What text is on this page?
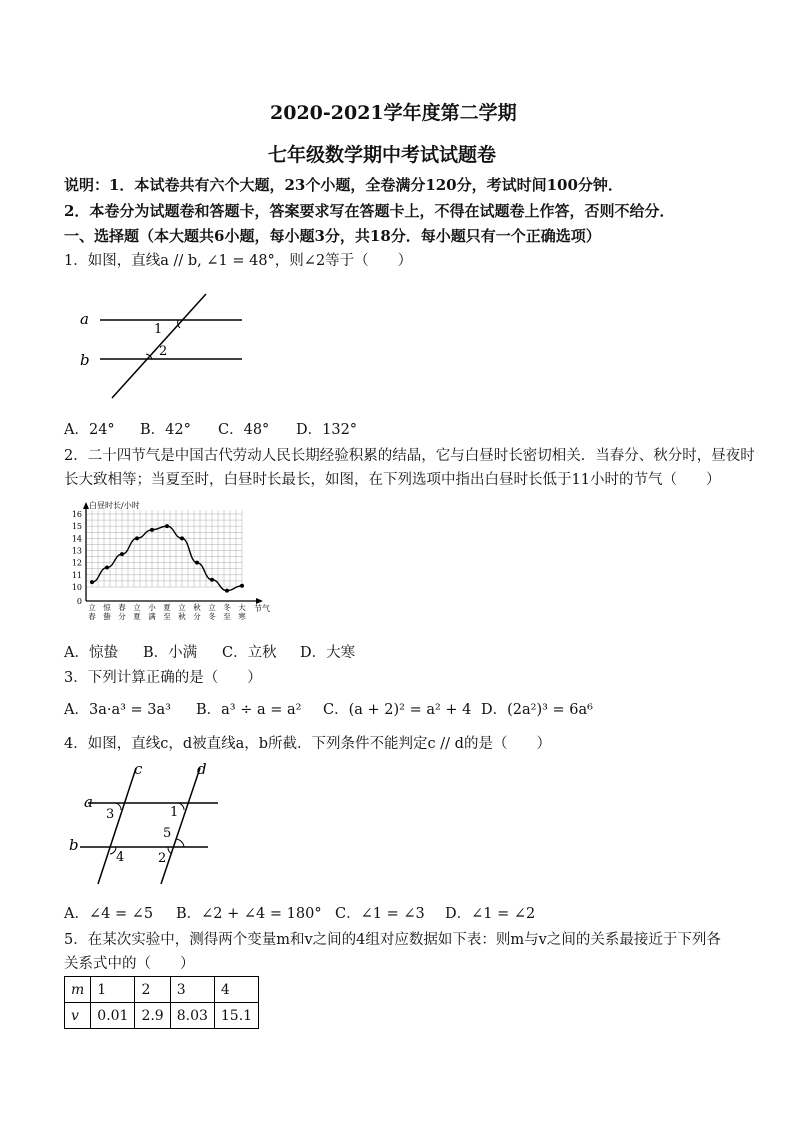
2020-2021学年度第二学期
七年级数学期中考试试题卷
说明：1．本试卷共有六个大题，23个小题，全卷满分120分，考试时间100分钟．
2．本卷分为试题卷和答题卡，答案要求写在答题卡上，不得在试题卷上作答，否则不给分．
一、选择题（本大题共6小题，每小题3分，共18分．每小题只有一个正确选项）
1．如图，直线a // b, ∠1 = 48°，则∠2等于（　　）
a
b
1
2
A．24° B．42° C．48° D．132°
2．二十四节气是中国古代劳动人民长期经验积累的结晶，它与白昼时长密切相关．当春分、秋分时，昼夜时
长大致相等；当夏至时，白昼时长最长，如图，在下列选项中指出白昼时长低于11小时的节气（　　）
白昼时长/小时
节气
16
15
14
13
12
11
10
0
立
春
惊
蛰
春
分
立
夏
小
满
夏
至
立
秋
秋
分
立
冬
冬
至
大
寒
A．惊蛰 B．小满 C．立秋 D．大寒
3．下列计算正确的是（　　）
A．3a·a³ = 3a³ B．a³ ÷ a = a² C．(a + 2)² = a² + 4 D．(2a²)³ = 6a⁶
4．如图，直线c，d被直线a，b所截．下列条件不能判定c // d的是（　　）
c	d
a
b
3	1
5
2
4
A．∠4 = ∠5 B．∠2 + ∠4 = 180° C．∠1 = ∠3 D．∠1 = ∠2
5．在某次实验中，测得两个变量m和v之间的4组对应数据如下表：则m与v之间的关系最接近于下列各
关系式中的（　　）
m	1	2	3	4
v	0.01	2.9	8.03	15.1
